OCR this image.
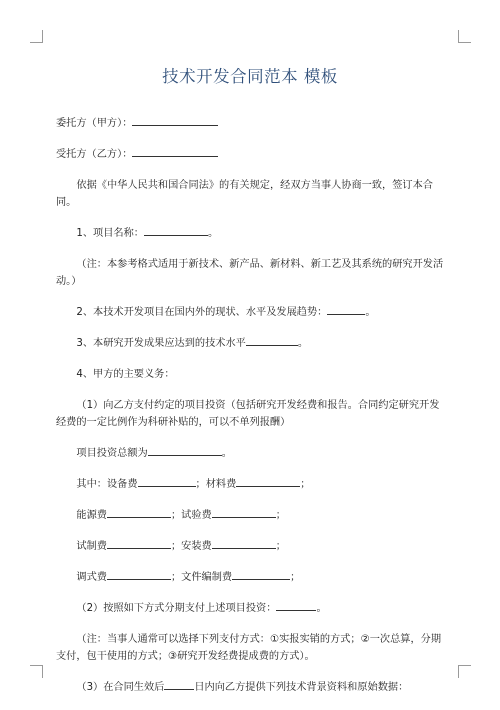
技术开发合同范本 模板

委托方（甲方）：

受托方（乙方）：

依据《中华人民共和国合同法》的有关规定，经双方当事人协商一致，签订本合同。

1、项目名称：	。

（注：本参考格式适用于新技术、新产品、新材料、新工艺及其系统的研究开发活动。）

2、本技术开发项目在国内外的现状、水平及发展趋势：	。

3、本研究开发成果应达到的技术水平	。

4、甲方的主要义务：

（1）向乙方支付约定的项目投资（包括研究开发经费和报告。合同约定研究开发经费的一定比例作为科研补贴的，可以不单列报酬）

项目投资总额为	。

其中：设备费	；材料费	；

能源费	；试验费	；

试制费	；安装费	；

调式费	；文件编制费	；

（2）按照如下方式分期支付上述项目投资：	。

（注：当事人通常可以选择下列支付方式：①实报实销的方式；②一次总算，分期支付，包干使用的方式；③研究开发经费提成费的方式）。

（3）在合同生效后	日内向乙方提供下列技术背景资料和原始数据：
